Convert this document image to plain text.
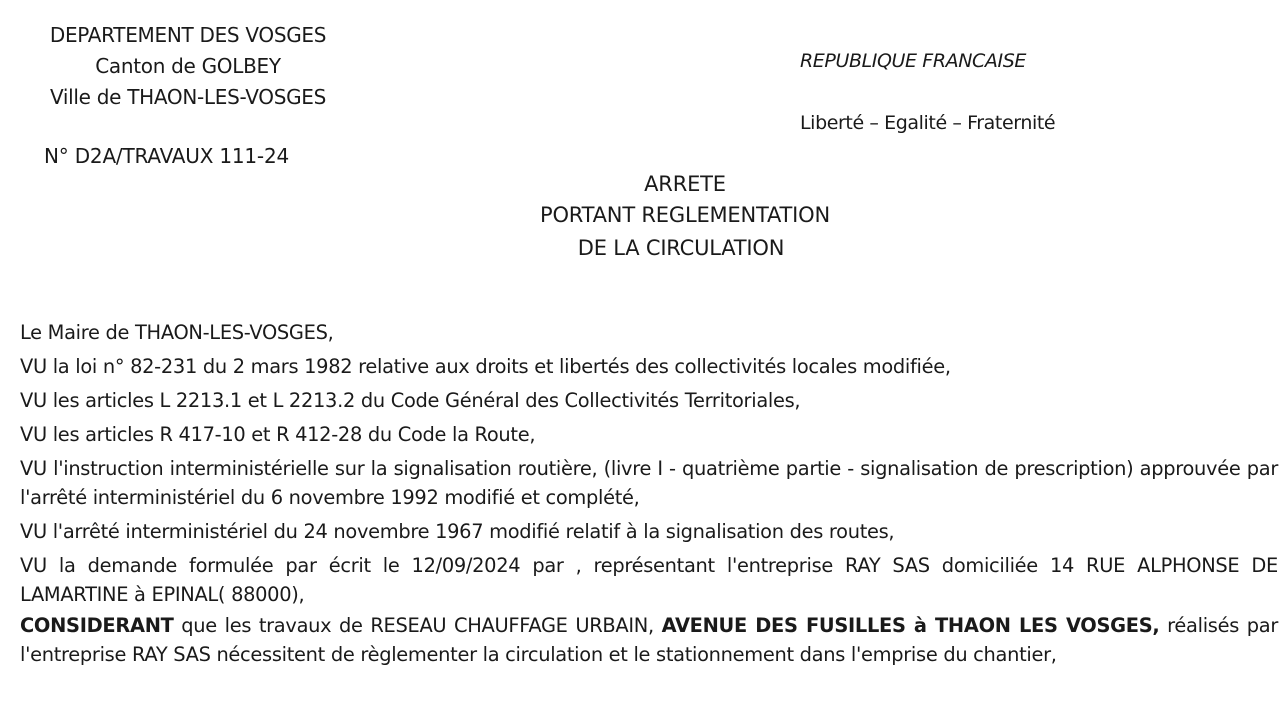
DEPARTEMENT DES VOSGES
Canton de GOLBEY
Ville de THAON-LES-VOSGES
N° D2A/TRAVAUX 111-24
REPUBLIQUE FRANCAISE
Liberté – Egalité – Fraternité
ARRETE
PORTANT REGLEMENTATION
DE LA CIRCULATION
Le Maire de THAON-LES-VOSGES,
VU la loi n° 82-231 du 2 mars 1982 relative aux droits et libertés des collectivités locales modifiée,
VU les articles L 2213.1 et L 2213.2 du Code Général des Collectivités Territoriales,
VU les articles R 417-10 et R 412-28 du Code la Route,
VU l'instruction interministérielle sur la signalisation routière, (livre I - quatrième partie - signalisation de prescription) approuvée par l'arrêté interministériel du 6 novembre 1992 modifié et complété,
VU l'arrêté interministériel du 24 novembre 1967 modifié relatif à la signalisation des routes,
VU la demande formulée par écrit le 12/09/2024 par , représentant l'entreprise RAY SAS domiciliée 14 RUE ALPHONSE DE LAMARTINE à EPINAL( 88000),
CONSIDERANT que les travaux de RESEAU CHAUFFAGE URBAIN, AVENUE DES FUSILLES à THAON LES VOSGES, réalisés par l'entreprise RAY SAS nécessitent de règlementer la circulation et le stationnement dans l'emprise du chantier,
